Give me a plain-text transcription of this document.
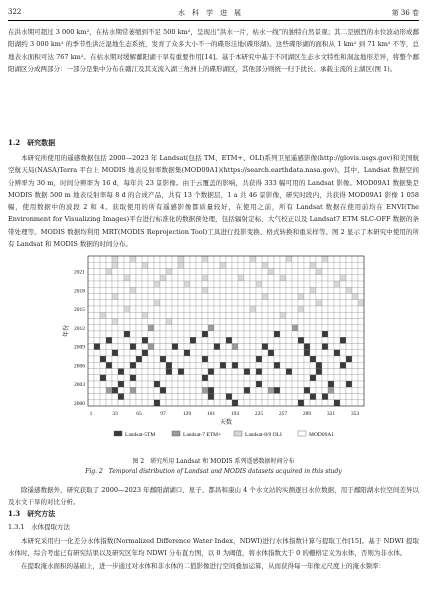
322	水　科　学　进　展	第 36 卷

在洪水期可超过 3 000 km²，在枯水期常萎缩到不足 500 km²，呈现出“洪水一片，枯水一线”的独特自然景观；其二是剧烈的水位波动形成鄱阳湖约 3 000 km² 的季节性洪泛湿地生态系统，发育了众多大小不一的碟形洼地(碟形湖)。这些碟形湖的面积从 1 km² 到 71 km² 不等，总地表水面积可达 767 km²。在枯水期对缓解鄱阳湖干旱有重要作用[14]。基于本研究中基于不同湖区生态水文特性和洞盆地形差异，将整个鄱阳湖区分成两部分：一部分是集中分布在赣江及其支流入湖三角洲上的碟形湖区，其他部分则统一归于扰长、承载主流的主湖区(图 1)。

1.2　研究数据

本研究所使用的遥感数据包括 2000—2023 年 Landsat(包括 TM、ETM+、OLI)系列卫星遥感影像(http://glovis.usgs.gov)和美国航空航天局(NASA)Terra 平台上 MODIS 地表反射率数据集(MOD09A1)(https://search.earthdata.nasa.gov)。其中，Landsat 数据空间分辨率为 30 m，时间分辨率为 16 d，每年共 23 景影像。由于云覆盖的影响，共获得 333 幅可用的 Landsat 影像。MOD09A1 数据集是 MODIS 数据 500 m 地表反射率每 8 d 的合成产品，共有 13 个数据层，1 a 共 46 景影像，研究时段内，共获得 MOD09A1 影像 1 058 幅，使用数据中的波段 2 和 4。获取使用的所有遥感影像都质量较好，在使用之前，所有 Landsat 数据在使用前均在 ENVI(The Environment for Visualizing Images)平台进行标准化的数据预处理，包括辐射定标、大气校正以及 Landsat7 ETM SLC-OFF 数据的条带处理等。MODIS 数据均利用 MRT(MODIS Reprojection Tool)工具进行投影变换、格式转换和重采样等。图 2 显示了本研究中使用的所有 Landsat 和 MODIS 数据的时间分布。

2021
2018
2015
2012
2009
2006
2003
2000
年份
1	33	65	97	129	161	193	225	257	289	321	353
天数
Landsat-5TM	Landsat-7 ETM+	Landsat-8/9 OLI	MOD09A1
图 2　研究所用 Landsat 和 MODIS 系列遥感数据时间分布
Fig. 2　Temporal distribution of Landsat and MODIS datasets acquired in this study

除遥感数据外，研究获取了 2000—2023 年鄱阳湖湖口、星子、都昌和康山 4 个水文站的实测逐日水位数据，用于鄱阳湖水位空间差异以及水文干旱的对比分析。

1.3　研究方法
1.3.1　水体提取方法

本研究采用归一化差分水体指数(Normalized Difference Water Index，NDWI)进行水体指数计算与提取工作[15]。基于 NDWI 提取水体时，综合考虑已有研究结果以及研究区年均 NDWI 分布直方图，以 0 为阈值，将水体指数大于 0 的栅格定义为水体，否则为非水体。

在提取淹水面积的基础上，进一步通过对水体和非水体的二值影像进行空间叠加运算，从而获得每一年像元尺度上的淹水频率：
